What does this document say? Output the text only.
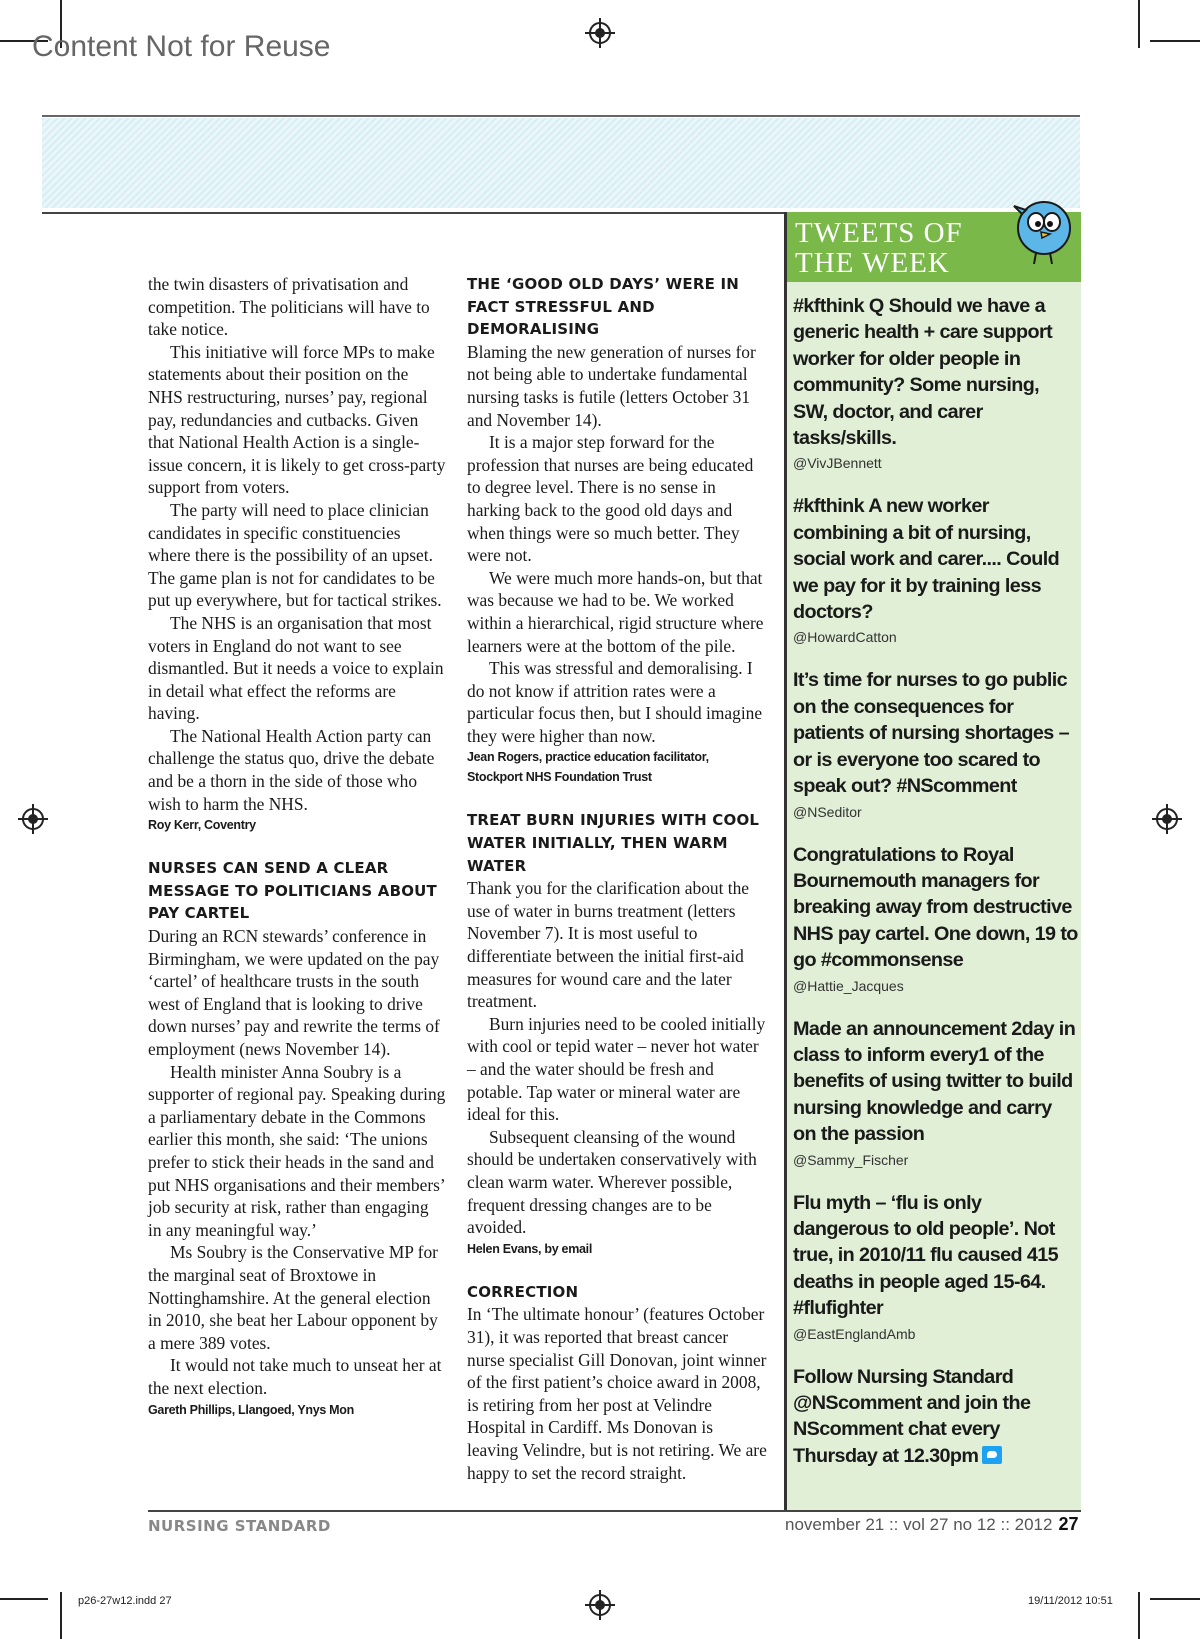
Content Not for Reuse

the twin disasters of privatisation and competition. The politicians will have to take notice.

This initiative will force MPs to make statements about their position on the NHS restructuring, nurses’ pay, regional pay, redundancies and cutbacks. Given that National Health Action is a single-issue concern, it is likely to get cross-party support from voters.

The party will need to place clinician candidates in specific constituencies where there is the possibility of an upset. The game plan is not for candidates to be put up everywhere, but for tactical strikes.

The NHS is an organisation that most voters in England do not want to see dismantled. But it needs a voice to explain in detail what effect the reforms are having.

The National Health Action party can challenge the status quo, drive the debate and be a thorn in the side of those who wish to harm the NHS.

Roy Kerr, Coventry
NURSES CAN SEND A CLEAR MESSAGE TO POLITICIANS ABOUT PAY CARTEL

During an RCN stewards’ conference in Birmingham, we were updated on the pay ‘cartel’ of healthcare trusts in the south west of England that is looking to drive down nurses’ pay and rewrite the terms of employment (news November 14).

Health minister Anna Soubry is a supporter of regional pay. Speaking during a parliamentary debate in the Commons earlier this month, she said: ‘The unions prefer to stick their heads in the sand and put NHS organisations and their members’ job security at risk, rather than engaging in any meaningful way.’

Ms Soubry is the Conservative MP for the marginal seat of Broxtowe in Nottinghamshire. At the general election in 2010, she beat her Labour opponent by a mere 389 votes.

It would not take much to unseat her at the next election.

Gareth Phillips, Llangoed, Ynys Mon
THE ‘GOOD OLD DAYS’ WERE IN FACT STRESSFUL AND DEMORALISING

Blaming the new generation of nurses for not being able to undertake fundamental nursing tasks is futile (letters October 31 and November 14).

It is a major step forward for the profession that nurses are being educated to degree level. There is no sense in harking back to the good old days and when things were so much better. They were not.

We were much more hands-on, but that was because we had to be. We worked within a hierarchical, rigid structure where learners were at the bottom of the pile.

This was stressful and demoralising. I do not know if attrition rates were a particular focus then, but I should imagine they were higher than now.

Jean Rogers, practice education facilitator, Stockport NHS Foundation Trust
TREAT BURN INJURIES WITH COOL WATER INITIALLY, THEN WARM WATER

Thank you for the clarification about the use of water in burns treatment (letters November 7). It is most useful to differentiate between the initial first-aid measures for wound care and the later treatment.

Burn injuries need to be cooled initially with cool or tepid water – never hot water – and the water should be fresh and potable. Tap water or mineral water are ideal for this.

Subsequent cleansing of the wound should be undertaken conservatively with clean warm water. Wherever possible, frequent dressing changes are to be avoided.

Helen Evans, by email
CORRECTION

In ‘The ultimate honour’ (features October 31), it was reported that breast cancer nurse specialist Gill Donovan, joint winner of the first patient’s choice award in 2008, is retiring from her post at Velindre Hospital in Cardiff. Ms Donovan is leaving Velindre, but is not retiring. We are happy to set the record straight.

TWEETS OF
THE WEEK
#kfthink Q Should we have a generic health + care support worker for older people in community? Some nursing, SW, doctor, and carer tasks/skills.
@VivJBennett
#kfthink A new worker combining a bit of nursing, social work and carer.... Could we pay for it by training less doctors?
@HowardCatton
It’s time for nurses to go public on the consequences for patients of nursing shortages – or is everyone too scared to speak out? #NScomment
@NSeditor
Congratulations to Royal Bournemouth managers for breaking away from destructive NHS pay cartel. One down, 19 to go #commonsense
@Hattie_Jacques
Made an announcement 2day in class to inform every1 of the benefits of using twitter to build nursing knowledge and carry on the passion
@Sammy_Fischer
Flu myth – ‘flu is only dangerous to old people’. Not true, in 2010/11 flu caused 415 deaths in people aged 15-64. #flufighter
@EastEnglandAmb
Follow Nursing Standard @NScomment and join the NScomment chat every Thursday at 12.30pm
NURSING STANDARD	november 21 :: vol 27 no 12 :: 2012 27
p26-27w12.indd 27	19/11/2012 10:51
